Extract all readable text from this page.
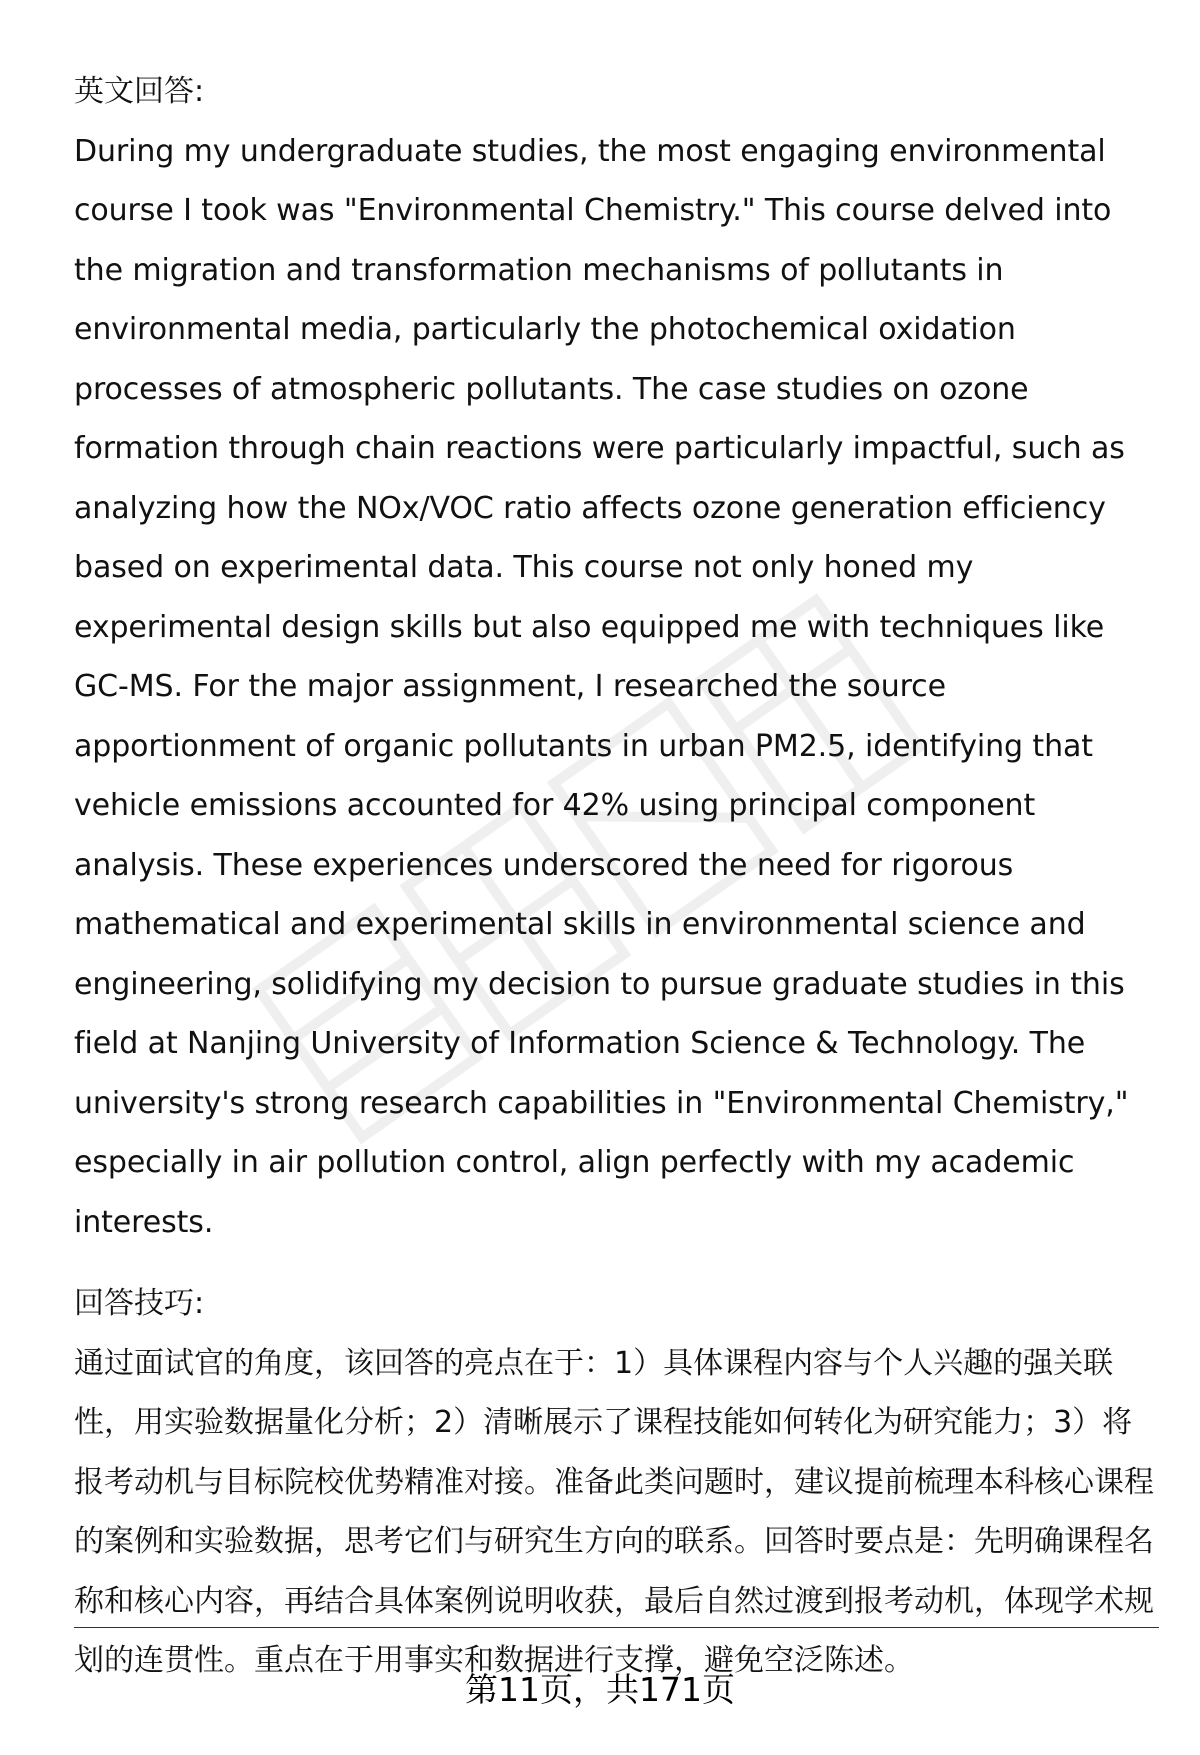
英文回答:

During my undergraduate studies, the most engaging environmental course I took was "Environmental Chemistry." This course delved into the migration and transformation mechanisms of pollutants in environmental media, particularly the photochemical oxidation processes of atmospheric pollutants. The case studies on ozone formation through chain reactions were particularly impactful, such as analyzing how the NOx/VOC ratio affects ozone generation efficiency based on experimental data. This course not only honed my experimental design skills but also equipped me with techniques like GC-MS. For the major assignment, I researched the source apportionment of organic pollutants in urban PM2.5, identifying that vehicle emissions accounted for 42% using principal component analysis. These experiences underscored the need for rigorous mathematical and experimental skills in environmental science and engineering, solidifying my decision to pursue graduate studies in this field at Nanjing University of Information Science & Technology. The university's strong research capabilities in "Environmental Chemistry," especially in air pollution control, align perfectly with my academic interests.

回答技巧:

通过面试官的角度，该回答的亮点在于：1）具体课程内容与个人兴趣的强关联性，用实验数据量化分析；2）清晰展示了课程技能如何转化为研究能力；3）将报考动机与目标院校优势精准对接。准备此类问题时，建议提前梳理本科核心课程的案例和实验数据，思考它们与研究生方向的联系。回答时要点是：先明确课程名称和核心内容，再结合具体案例说明收获，最后自然过渡到报考动机，体现学术规划的连贯性。重点在于用事实和数据进行支撑，避免空泛陈述。

第11页，共171页
